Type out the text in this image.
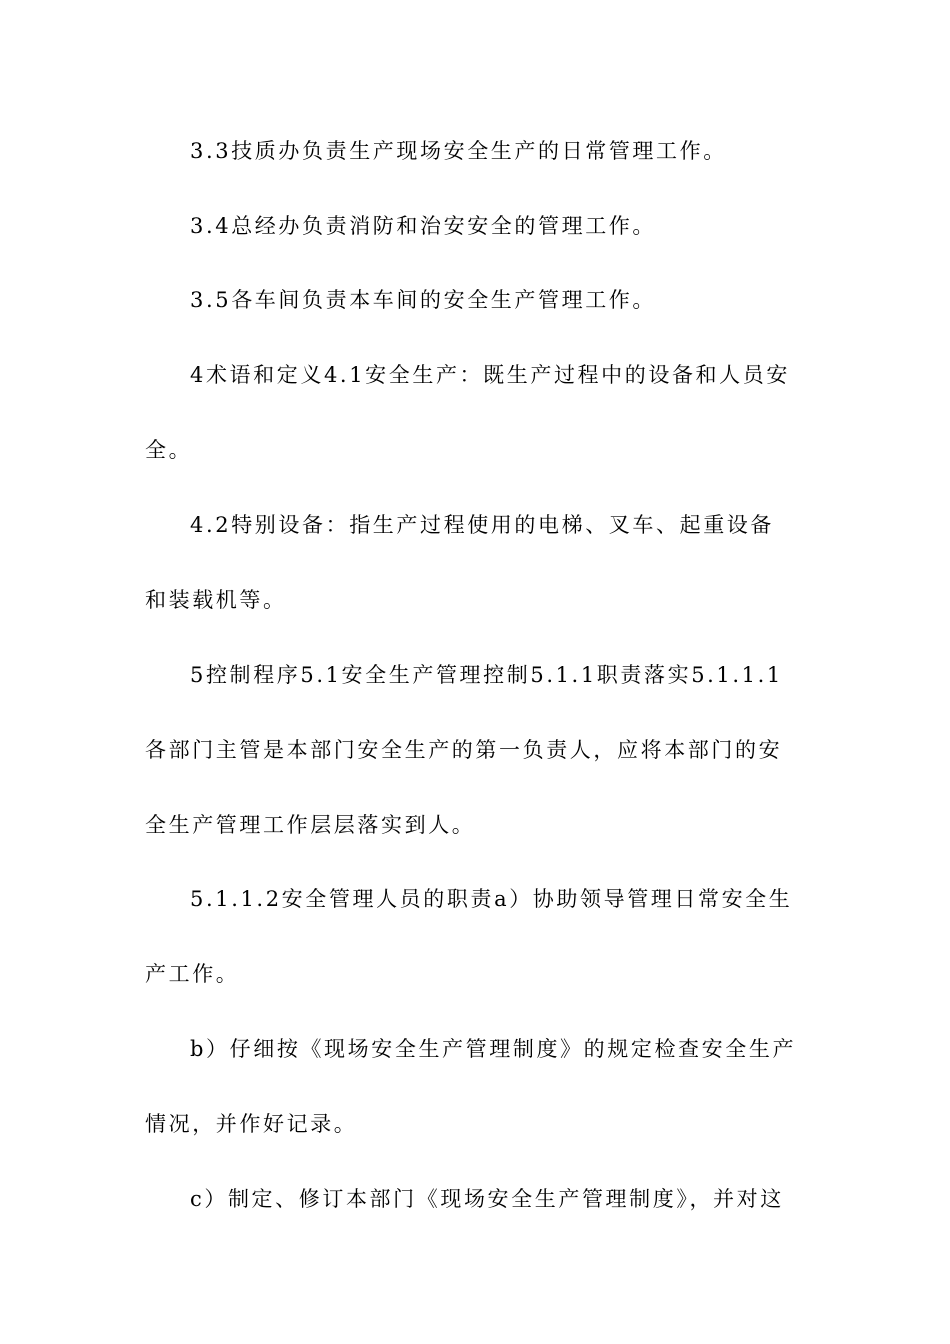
3.3技质办负责生产现场安全生产的日常管理工作。
3.4总经办负责消防和治安安全的管理工作。
3.5各车间负责本车间的安全生产管理工作。
4术语和定义4.1安全生产：既生产过程中的设备和人员安
全。
4.2特别设备：指生产过程使用的电梯、叉车、起重设备
和装载机等。
5控制程序5.1安全生产管理控制5.1.1职责落实5.1.1.1
各部门主管是本部门安全生产的第一负责人，应将本部门的安
全生产管理工作层层落实到人。
5.1.1.2安全管理人员的职责a）协助领导管理日常安全生
产工作。
b）仔细按《现场安全生产管理制度》的规定检查安全生产
情况，并作好记录。
c）制定、修订本部门《现场安全生产管理制度》，并对这
